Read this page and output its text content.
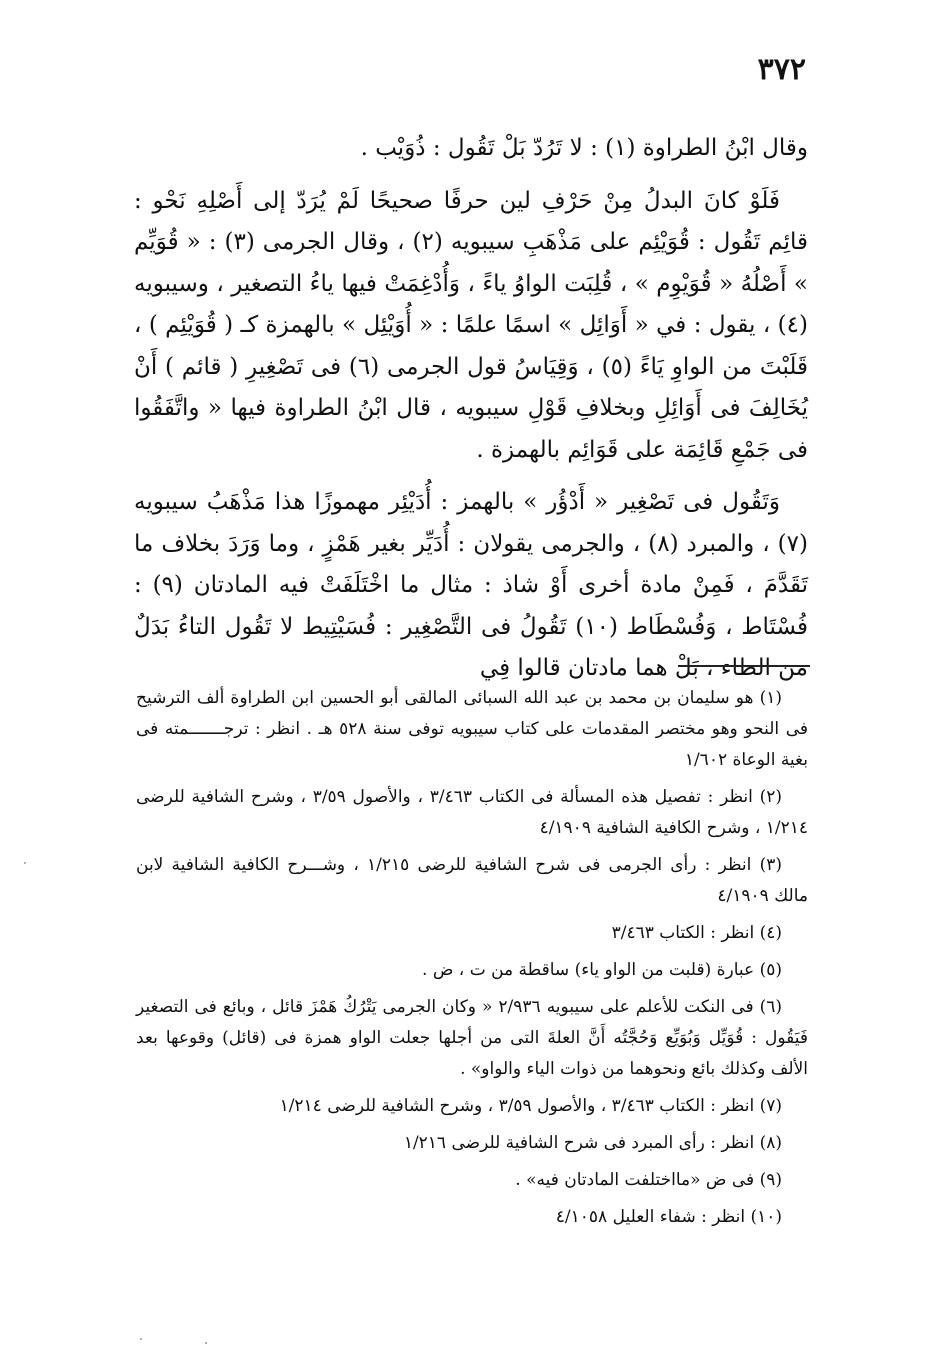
٣٧٢

وقال ابْنُ الطراوة (١) : لا تَرُدّ بَلْ تَقُول : ذُوَيْب .

فَلَوْ كانَ البدلُ مِنْ حَرْفِ لين حرفًا صحيحًا لَمْ يُرَدّ إلى أَصْلِهِ نَحْو : قائِم تَقُول : قُوَيْئِم على مَذْهَبِ سيبويه (٢) ، وقال الجرمى (٣) : « قُوَيِّم » أَصْلُهُ « قُوَيْوِم » ، قُلِبَت الواوُ ياءً ، وَأُدْغِمَتْ فيها ياءُ التصغير ، وسيبويه (٤) ، يقول : في « أَوَائِل » اسمًا علمًا : « أُوَيْئِل » بالهمزة كـ ( قُوَيْئِم ) ، قَلَبْتَ من الواوِ يَاءً (٥) ، وَقِيَاسُ قول الجرمى (٦) فى تَصْغِيرِ ( قائم ) أَنْ يُخَالِفَ فى أَوَائِلِ وبخلافِ قَوْلِ سيبويه ، قال ابْنُ الطراوة فيها « واتَّفَقُوا فى جَمْعِ قَائِمَة على قَوَائِم بالهمزة .

وَتَقُول فى تَصْغِير « أَدْؤُر » بالهمز : أُدَيْئِر مهموزًا هذا مَذْهَبُ سيبويه (٧) ، والمبرد (٨) ، والجرمى يقولان : أُدَيِّر بغير هَمْزٍ ، وما وَرَدَ بخلاف ما تَقَدَّمَ ، فَمِنْ مادة أخرى أَوْ شاذ : مثال ما اخْتَلَفَتْ فيه المادتان (٩) : فُسْتَاط ، وَفُسْطَاط (١٠) تَقُولُ فى التَّصْغِير : فُسَيْتِيط لا تَقُول التاءُ بَدَلٌ من الطاء ، بَلْ هما مادتان قالوا فِي

(١) هو سليمان بن محمد بن عبد الله السبائى المالقى أبو الحسين ابن الطراوة ألف الترشيح فى النحو وهو مختصر المقدمات على كتاب سيبويه توفى سنة ٥٢٨ هـ . انظر : ترجـــــــمته فى بغية الوعاة ١/٦٠٢
(٢) انظر : تفصيل هذه المسألة فى الكتاب ٣/٤٦٣ ، والأصول ٣/٥٩ ، وشرح الشافية للرضى ١/٢١٤ ، وشرح الكافية الشافية ٤/١٩٠٩
(٣) انظر : رأى الجرمى فى شرح الشافية للرضى ١/٢١٥ ، وشـــرح الكافية الشافية لابن مالك ٤/١٩٠٩
(٤) انظر : الكتاب ٣/٤٦٣
(٥) عبارة (قلبت من الواو ياء) ساقطة من ت ، ض .
(٦) فى النكت للأعلم على سيبويه ٢/٩٣٦ « وكان الجرمى يَتْرُكُ هَمْزَ قائل ، وبائع فى التصغير فَيَقُول : قُوَيِّل وَبُوَيِّع وَحُجَّتُه أَنَّ العلةَ التى من أجلها جعلت الواو همزة فى (قائل) وقوعها بعد الألف وكذلك بائع ونحوهما من ذوات الياء والواو» .
(٧) انظر : الكتاب ٣/٤٦٣ ، والأصول ٣/٥٩ ، وشرح الشافية للرضى ١/٢١٤
(٨) انظر : رأى المبرد فى شرح الشافية للرضى ١/٢١٦
(٩) فى ض «مااختلفت المادتان فيه» .
(١٠) انظر : شفاء العليل ٤/١٠٥٨
